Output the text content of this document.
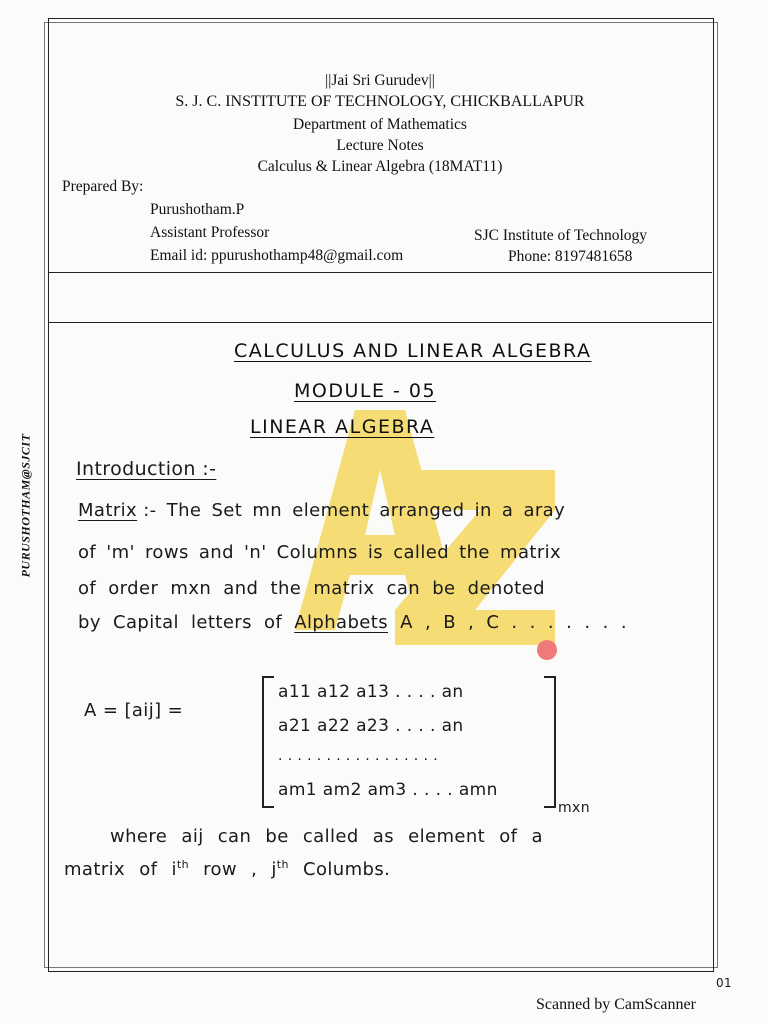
||Jai Sri Gurudev||
S. J. C. INSTITUTE OF TECHNOLOGY, CHICKBALLAPUR
Department of Mathematics
Lecture Notes
Calculus & Linear Algebra (18MAT11)
Prepared By:
Purushotham.P
Assistant Professor
Email id: ppurushothamp48@gmail.com
SJC Institute of Technology
Phone: 8197481658
PURUSHOTHAM@SJCIT
CALCULUS AND LINEAR ALGEBRA
MODULE - 05
LINEAR ALGEBRA
Introduction :-
Matrix :- The Set mn element arranged in a aray
of 'm' rows and 'n' Columns is called the matrix
of order mxn and the matrix can be denoted
by Capital letters of Alphabets A , B , C . . . . . . .
A = [aij] =
a11 a12 a13 . . . . an
a21 a22 a23 . . . . an
. . . . . . . . . . . . . . . . .
am1 am2 am3 . . . . amn
mxn
where aij can be called as element of a
matrix of $i^{th}$ row , $j^{th}$ Columbs.
01
Scanned by CamScanner
